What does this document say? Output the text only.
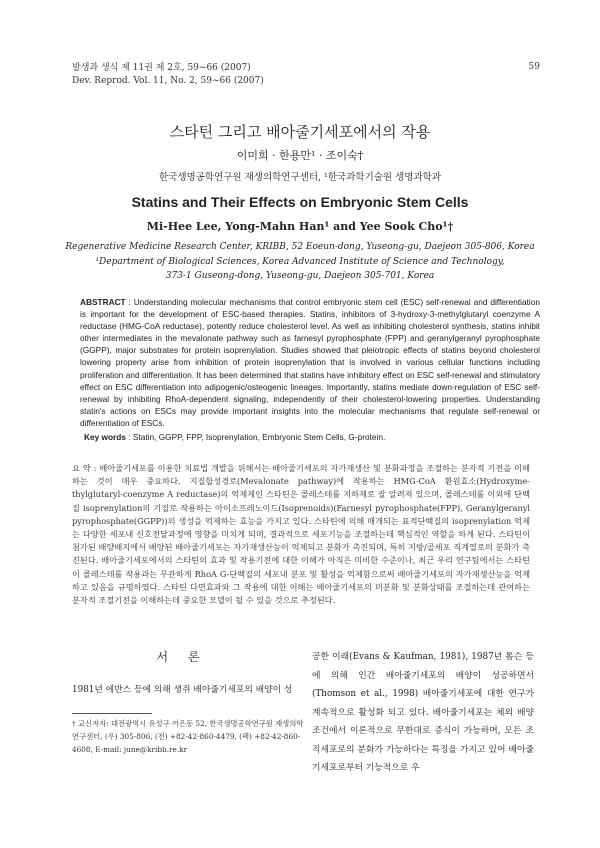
발생과 생식 제 11권 제 2호, 59~66 (2007)
Dev. Reprod. Vol. 11, No. 2, 59~66 (2007)
59
스타틴 그리고 배아줄기세포에서의 작용
이미희 · 한용만¹ · 조이숙†
한국생명공학연구원 재생의학연구센터, ¹한국과학기술원 생명과학과
Statins and Their Effects on Embryonic Stem Cells
Mi-Hee Lee, Yong-Mahn Han¹ and Yee Sook Cho¹†
Regenerative Medicine Research Center, KRIBB, 52 Eoeun-dong, Yuseong-gu, Daejeon 305-806, Korea
¹Department of Biological Sciences, Korea Advanced Institute of Science and Technology,
373-1 Guseong-dong, Yuseong-gu, Daejeon 305-701, Korea
ABSTRACT : Understanding molecular mechanisms that control embryonic stem cell (ESC) self-renewal and differentiation is important for the development of ESC-based therapies. Statins, inhibitors of 3-hydroxy-3-methylglutaryl coenzyme A reductase (HMG-CoA reductase), potently reduce cholesterol level. As well as inhibiting cholesterol synthesis, statins inhibit other intermediates in the mevalonate pathway such as farnesyl pyrophosphate (FPP) and geranylgeranyl pyrophosphate (GGPP), major substrates for protein isoprenylation. Studies showed that pleiotropic effects of statins beyond cholesterol lowering property arise from inhibition of protein isoprenylation that is involved in various cellular functions including proliferation and differentiation. It has been determined that statins have inhibitory effect on ESC self-renewal and stimulatory effect on ESC differentiation into adipogenic/osteogenic lineages. Importantly, statins mediate down-regulation of ESC self-renewal by inhibiting RhoA-dependent signaling, independently of their cholesterol-lowering properties. Understanding statin's actions on ESCs may provide important insights into the molecular mechanisms that regulate self-renewal or differentiation of ESCs.
Key words : Statin, GGPP, FPP, Isoprenylation, Embryonic Stem Cells, G-protein.
요 약 : 배아줄기세포를 이용한 치료법 개발을 위해서는 배아줄기세포의 자가재생산 및 분화과정을 조절하는 분자적 기전을 이해하는 것이 매우 중요하다. 지질합성경로(Mevalonate pathway)에 작용하는 HMG-CoA 환원효소(Hydroxyme-thylglutaryl-coenzyme A reductase)의 억제제인 스타틴은 콜레스테롤 저하제로 잘 알려져 있으며, 콜레스테롤 이외에 단백질 isoprenylation의 기질로 작용하는 아이소프레노이드(Isoprenoids)(Farnesyl pyrophosphate(FPP), Geranylgeranyl pyrophosphate(GGPP))의 생성을 억제하는 효능을 가지고 있다. 스타틴에 의해 매개되는 표적단백질의 isoprenylation 억제는 다양한 세포내 신호전달과정에 영향을 미치게 되며, 결과적으로 세포기능을 조절하는데 핵심적인 역할을 하게 된다. 스타틴이 첨가된 배양배지에서 배양된 배아줄기세포는 자가재생산능이 억제되고 분화가 촉진되며, 특히 지방/골세포 직계열로의 분화가 촉진된다. 배아줄기세포에서의 스타틴의 효과 및 작용기전에 대한 이해가 아직은 미비한 수준이나, 최근 우리 연구팀에서는 스타틴이 콜레스테롤 작용과는 무관하게 RhoA G-단백질의 세포내 분포 및 활성을 억제함으로써 배아줄기세포의 자가재생산능을 억제하고 있음을 규명하였다. 스타틴 다면효과와 그 작용에 대한 이해는 배아줄기세포의 미분화 및 분화상태를 조절하는데 관여하는 분자적 조절기전을 이해하는데 중요한 모델이 될 수 있을 것으로 추정된다.
서 론
1981년 에반스 등에 의해 생쥐 배아줄기세포의 배양이 성
† 교신저자: 대전광역시 유성구 어은동 52, 한국생명공학연구원 재생의학연구센터, (우) 305-806, (전) +82-42-860-4479, (팩) +82-42-860-4608, E-mail: june@kribb.re.kr
공한 이래(Evans & Kaufman, 1981), 1987년 톰슨 등에 의해 인간 배아줄기세포의 배양이 성공하면서(Thomson et al., 1998) 배아줄기세포에 대한 연구가 계속적으로 활성화 되고 있다. 배아줄기세포는 체외 배양조건에서 이론적으로 무한대로 증식이 가능하며, 모든 조직세포로의 분화가 가능하다는 특징을 가지고 있어 배아줄기세포로부터 기능적으로 우
